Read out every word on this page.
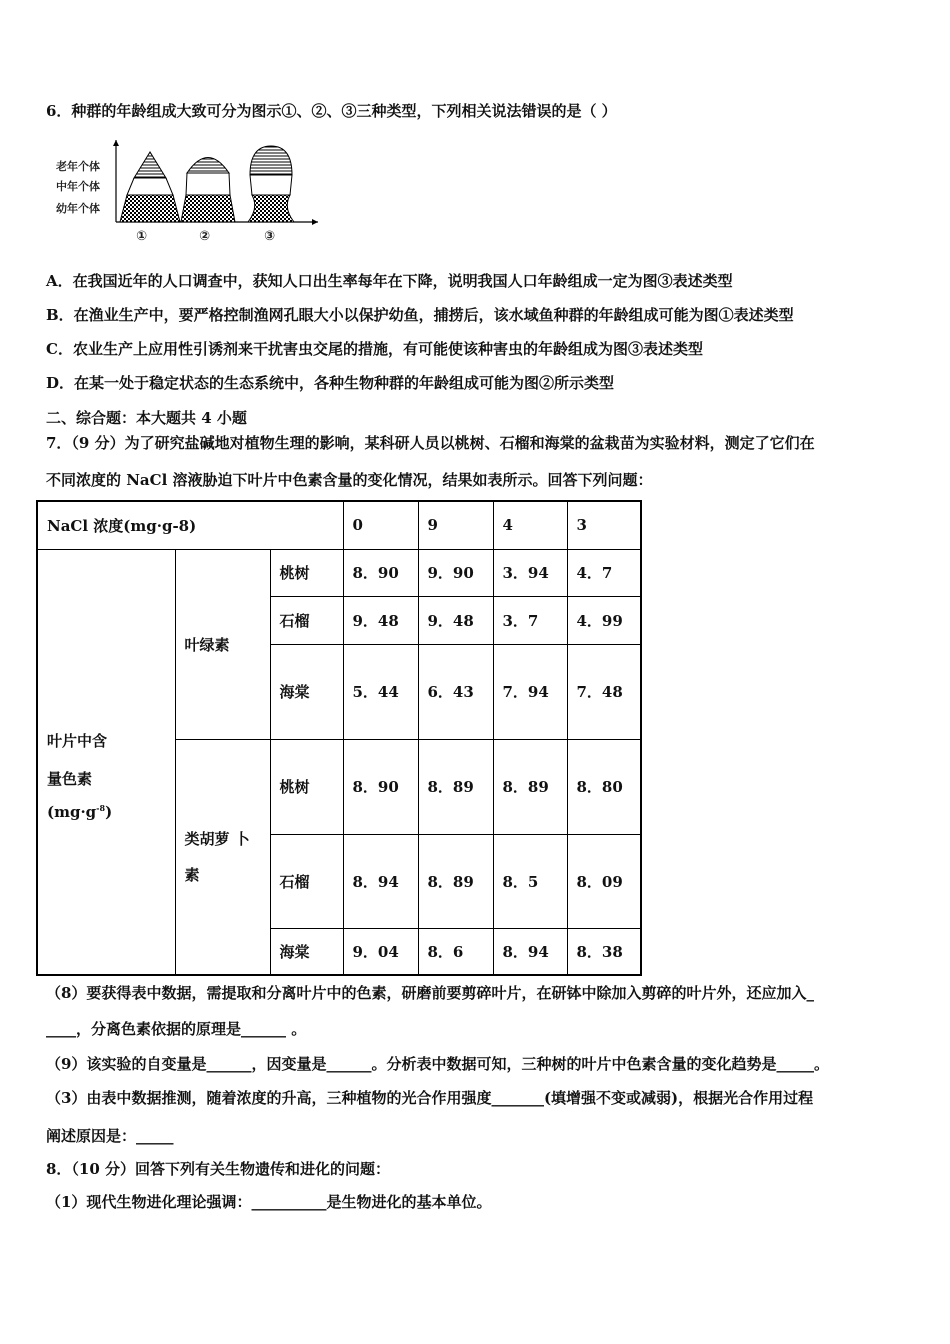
6．种群的年龄组成大致可分为图示①、②、③三种类型，下列相关说法错误的是（ ）
老年个体
中年个体
幼年个体
①	②	③
A．在我国近年的人口调查中，获知人口出生率每年在下降，说明我国人口年龄组成一定为图③表述类型
B．在渔业生产中，要严格控制渔网孔眼大小以保护幼鱼，捕捞后，该水域鱼种群的年龄组成可能为图①表述类型
C．农业生产上应用性引诱剂来干扰害虫交尾的措施，有可能使该种害虫的年龄组成为图③表述类型
D．在某一处于稳定状态的生态系统中，各种生物种群的年龄组成可能为图②所示类型
二、综合题：本大题共 4 小题
7．（9 分）为了研究盐碱地对植物生理的影响，某科研人员以桃树、石榴和海棠的盆栽苗为实验材料，测定了它们在
不同浓度的 NaCl 溶液胁迫下叶片中色素含量的变化情况，结果如表所示。回答下列问题：
NaCl 浓度(mg·g-8)			0	9	4	3

叶片中含
量色素
$(mg\cdot g^{-8})$	叶绿素	桃树	8．90	9．90	3．94	4．7
		石榴	9．48	9．48	3．7	4．99
		海棠	5．44	6．43	7．94	7．48

	类胡萝 卜
素	桃树	8．90	8．89	8．89	8．80
		石榴	8．94	8．89	8．5	8．09
		海棠	9．04	8．6	8．94	8．38
（8）要获得表中数据，需提取和分离叶片中的色素，研磨前要剪碎叶片，在研钵中除加入剪碎的叶片外，还应加入_
____，分离色素依据的原理是______ 。
（9）该实验的自变量是______，因变量是______。分析表中数据可知，三种树的叶片中色素含量的变化趋势是_____。
（3）由表中数据推测，随着浓度的升高，三种植物的光合作用强度_______(填增强不变或减弱)，根据光合作用过程
阐述原因是：_____
8．（10 分）回答下列有关生物遗传和进化的问题：
（1）现代生物进化理论强调：__________是生物进化的基本单位。
